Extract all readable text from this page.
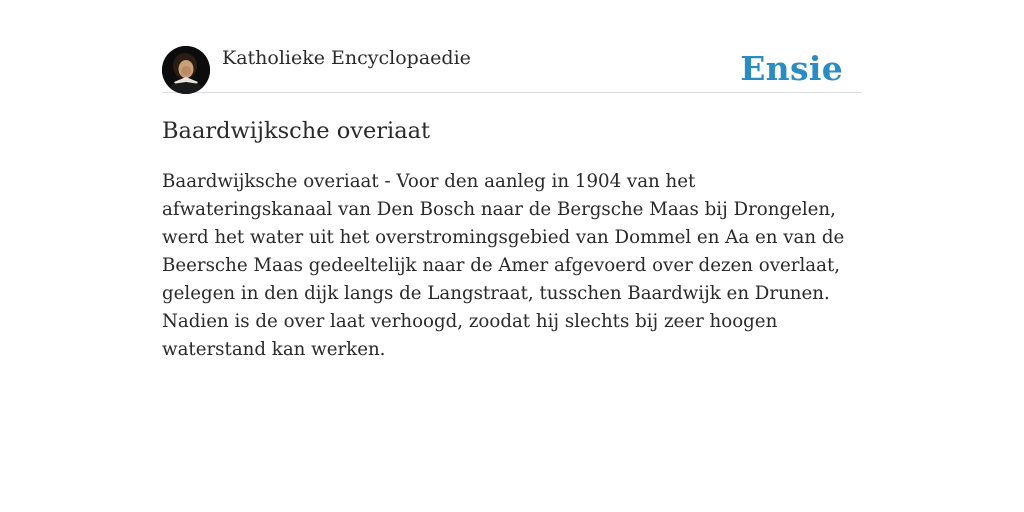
Katholieke Encyclopaedie	Ensie
Baardwijksche overiaat

Baardwijksche overiaat - Voor den aanleg in 1904 van het afwateringskanaal van Den Bosch naar de Bergsche Maas bij Drongelen, werd het water uit het overstromingsgebied van Dommel en Aa en van de Beersche Maas gedeeltelijk naar de Amer afgevoerd over dezen overlaat, gelegen in den dijk langs de Langstraat, tusschen Baardwijk en Drunen. Nadien is de over laat verhoogd, zoodat hij slechts bij zeer hoogen waterstand kan werken.
